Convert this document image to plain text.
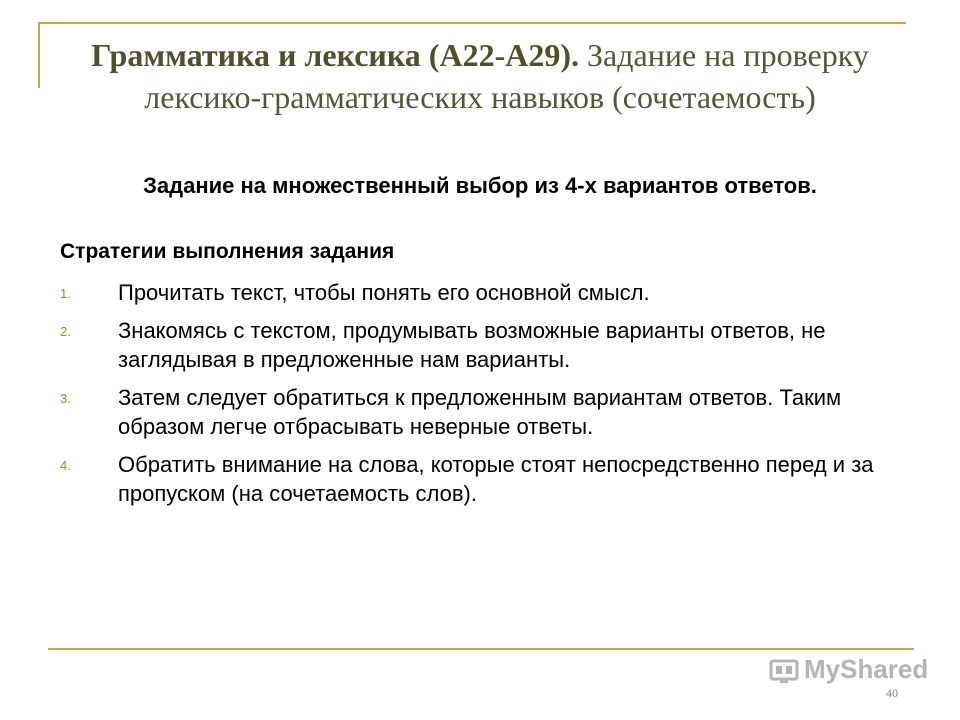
Грамматика и лексика (А22-А29). Задание на проверку лексико-грамматических навыков (сочетаемость)
Задание на множественный выбор из 4-х вариантов ответов.
Стратегии выполнения задания
1.	Прочитать текст, чтобы понять его основной смысл.
2.	Знакомясь с текстом, продумывать возможные варианты ответов, не заглядывая в предложенные нам варианты.
3.	Затем следует обратиться к предложенным вариантам ответов. Таким образом легче отбрасывать неверные ответы.
4.	Обратить внимание на слова, которые стоят непосредственно перед и за пропуском (на сочетаемость слов).
MyShared
40
